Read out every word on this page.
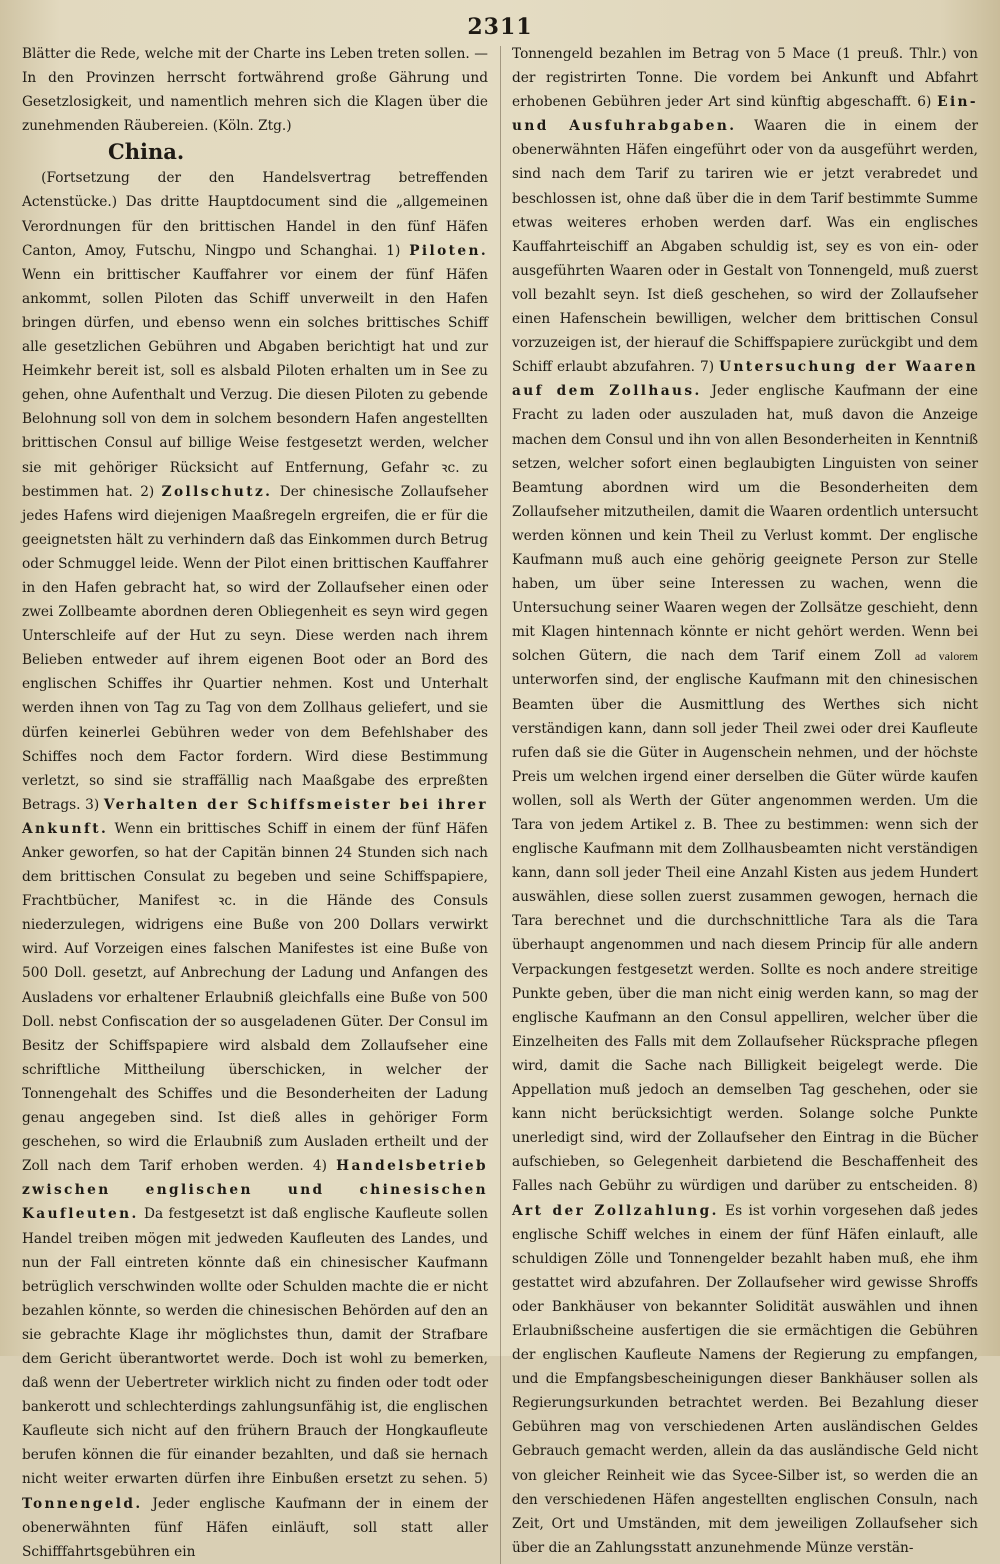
2311

Blätter die Rede, welche mit der Charte ins Leben treten sollen. — In den Provinzen herrscht fortwährend große Gährung und Gesetzlosigkeit, und namentlich mehren sich die Klagen über die zunehmenden Räubereien. (Köln. Ztg.)

China.

(Fortsetzung der den Handelsvertrag betreffenden Actenstücke.) Das dritte Hauptdocument sind die „allgemeinen Verordnungen für den brittischen Handel in den fünf Häfen Canton, Amoy, Futschu, Ningpo und Schanghai. 1) Piloten. Wenn ein brittischer Kauffahrer vor einem der fünf Häfen ankommt, sollen Piloten das Schiff unverweilt in den Hafen bringen dürfen, und ebenso wenn ein solches brittisches Schiff alle gesetzlichen Gebühren und Abgaben berichtigt hat und zur Heimkehr bereit ist, soll es alsbald Piloten erhalten um in See zu gehen, ohne Aufenthalt und Verzug. Die diesen Piloten zu gebende Belohnung soll von dem in solchem besondern Hafen angestellten brittischen Consul auf billige Weise festgesetzt werden, welcher sie mit gehöriger Rücksicht auf Entfernung, Gefahr ꝛc. zu bestimmen hat. 2) Zollschutz. Der chinesische Zollaufseher jedes Hafens wird diejenigen Maaßregeln ergreifen, die er für die geeignetsten hält zu verhindern daß das Einkommen durch Betrug oder Schmuggel leide. Wenn der Pilot einen brittischen Kauffahrer in den Hafen gebracht hat, so wird der Zollaufseher einen oder zwei Zollbeamte abordnen deren Obliegenheit es seyn wird gegen Unterschleife auf der Hut zu seyn. Diese werden nach ihrem Belieben entweder auf ihrem eigenen Boot oder an Bord des englischen Schiffes ihr Quartier nehmen. Kost und Unterhalt werden ihnen von Tag zu Tag von dem Zollhaus geliefert, und sie dürfen keinerlei Gebühren weder von dem Befehlshaber des Schiffes noch dem Factor fordern. Wird diese Bestimmung verletzt, so sind sie straffällig nach Maaßgabe des erpreßten Betrags. 3) Verhalten der Schiffsmeister bei ihrer Ankunft. Wenn ein brittisches Schiff in einem der fünf Häfen Anker geworfen, so hat der Capitän binnen 24 Stunden sich nach dem brittischen Consulat zu begeben und seine Schiffspapiere, Frachtbücher, Manifest ꝛc. in die Hände des Consuls niederzulegen, widrigens eine Buße von 200 Dollars verwirkt wird. Auf Vorzeigen eines falschen Manifestes ist eine Buße von 500 Doll. gesetzt, auf Anbrechung der Ladung und Anfangen des Ausladens vor erhaltener Erlaubniß gleichfalls eine Buße von 500 Doll. nebst Confiscation der so ausgeladenen Güter. Der Consul im Besitz der Schiffspapiere wird alsbald dem Zollaufseher eine schriftliche Mittheilung überschicken, in welcher der Tonnengehalt des Schiffes und die Besonderheiten der Ladung genau angegeben sind. Ist dieß alles in gehöriger Form geschehen, so wird die Erlaubniß zum Ausladen ertheilt und der Zoll nach dem Tarif erhoben werden. 4) Handelsbetrieb zwischen englischen und chinesischen Kaufleuten. Da festgesetzt ist daß englische Kaufleute sollen Handel treiben mögen mit jedweden Kaufleuten des Landes, und nun der Fall eintreten könnte daß ein chinesischer Kaufmann betrüglich verschwinden wollte oder Schulden machte die er nicht bezahlen könnte, so werden die chinesischen Behörden auf den an sie gebrachte Klage ihr möglichstes thun, damit der Strafbare dem Gericht überantwortet werde. Doch ist wohl zu bemerken, daß wenn der Uebertreter wirklich nicht zu finden oder todt oder bankerott und schlechterdings zahlungsunfähig ist, die englischen Kaufleute sich nicht auf den frühern Brauch der Hongkaufleute berufen können die für einander bezahlten, und daß sie hernach nicht weiter erwarten dürfen ihre Einbußen ersetzt zu sehen. 5) Tonnengeld. Jeder englische Kaufmann der in einem der obenerwähnten fünf Häfen einläuft, soll statt aller Schifffahrtsgebühren ein

Tonnengeld bezahlen im Betrag von 5 Mace (1 preuß. Thlr.) von der registrirten Tonne. Die vordem bei Ankunft und Abfahrt erhobenen Gebühren jeder Art sind künftig abgeschafft. 6) Ein- und Ausfuhrabgaben. Waaren die in einem der obenerwähnten Häfen eingeführt oder von da ausgeführt werden, sind nach dem Tarif zu tariren wie er jetzt verabredet und beschlossen ist, ohne daß über die in dem Tarif bestimmte Summe etwas weiteres erhoben werden darf. Was ein englisches Kauffahrteischiff an Abgaben schuldig ist, sey es von ein- oder ausgeführten Waaren oder in Gestalt von Tonnengeld, muß zuerst voll bezahlt seyn. Ist dieß geschehen, so wird der Zollaufseher einen Hafenschein bewilligen, welcher dem brittischen Consul vorzuzeigen ist, der hierauf die Schiffspapiere zurückgibt und dem Schiff erlaubt abzufahren. 7) Untersuchung der Waaren auf dem Zollhaus. Jeder englische Kaufmann der eine Fracht zu laden oder auszuladen hat, muß davon die Anzeige machen dem Consul und ihn von allen Besonderheiten in Kenntniß setzen, welcher sofort einen beglaubigten Linguisten von seiner Beamtung abordnen wird um die Besonderheiten dem Zollaufseher mitzutheilen, damit die Waaren ordentlich untersucht werden können und kein Theil zu Verlust kommt. Der englische Kaufmann muß auch eine gehörig geeignete Person zur Stelle haben, um über seine Interessen zu wachen, wenn die Untersuchung seiner Waaren wegen der Zollsätze geschieht, denn mit Klagen hintennach könnte er nicht gehört werden. Wenn bei solchen Gütern, die nach dem Tarif einem Zoll ad valorem unterworfen sind, der englische Kaufmann mit den chinesischen Beamten über die Ausmittlung des Werthes sich nicht verständigen kann, dann soll jeder Theil zwei oder drei Kaufleute rufen daß sie die Güter in Augenschein nehmen, und der höchste Preis um welchen irgend einer derselben die Güter würde kaufen wollen, soll als Werth der Güter angenommen werden. Um die Tara von jedem Artikel z. B. Thee zu bestimmen: wenn sich der englische Kaufmann mit dem Zollhausbeamten nicht verständigen kann, dann soll jeder Theil eine Anzahl Kisten aus jedem Hundert auswählen, diese sollen zuerst zusammen gewogen, hernach die Tara berechnet und die durchschnittliche Tara als die Tara überhaupt angenommen und nach diesem Princip für alle andern Verpackungen festgesetzt werden. Sollte es noch andere streitige Punkte geben, über die man nicht einig werden kann, so mag der englische Kaufmann an den Consul appelliren, welcher über die Einzelheiten des Falls mit dem Zollaufseher Rücksprache pflegen wird, damit die Sache nach Billigkeit beigelegt werde. Die Appellation muß jedoch an demselben Tag geschehen, oder sie kann nicht berücksichtigt werden. Solange solche Punkte unerledigt sind, wird der Zollaufseher den Eintrag in die Bücher aufschieben, so Gelegenheit darbietend die Beschaffenheit des Falles nach Gebühr zu würdigen und darüber zu entscheiden. 8) Art der Zollzahlung. Es ist vorhin vorgesehen daß jedes englische Schiff welches in einem der fünf Häfen einlauft, alle schuldigen Zölle und Tonnengelder bezahlt haben muß, ehe ihm gestattet wird abzufahren. Der Zollaufseher wird gewisse Shroffs oder Bankhäuser von bekannter Solidität auswählen und ihnen Erlaubnißscheine ausfertigen die sie ermächtigen die Gebühren der englischen Kaufleute Namens der Regierung zu empfangen, und die Empfangsbescheinigungen dieser Bankhäuser sollen als Regierungsurkunden betrachtet werden. Bei Bezahlung dieser Gebühren mag von verschiedenen Arten ausländischen Geldes Gebrauch gemacht werden, allein da das ausländische Geld nicht von gleicher Reinheit wie das Sycee-Silber ist, so werden die an den verschiedenen Häfen angestellten englischen Consuln, nach Zeit, Ort und Umständen, mit dem jeweiligen Zollaufseher sich über die an Zahlungsstatt anzunehmende Münze verstän-
